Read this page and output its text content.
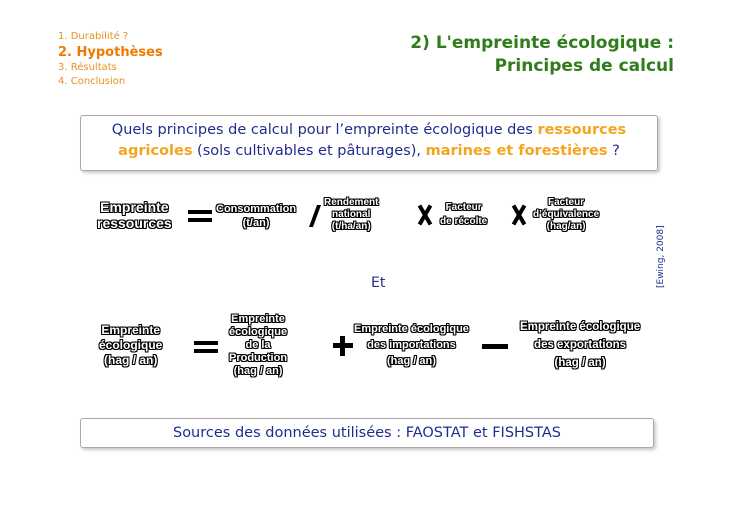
1. Durabilité ?
2. Hypothèses
3. Résultats
4. Conclusion
2) L'empreinte écologique :
Principes de calcul
Quels principes de calcul pour l’empreinte écologique des ressources agricoles (sols cultivables et pâturages), marines et forestières ?
Empreinte
ressources
Consommation
(t/an)
Rendement
national
(t/ha/an)
Facteur
de récolte
Facteur
d’équivalence
(hag/an)	[Ewing, 2008]
Et
Empreinte
écologique
(hag / an)
Empreinte
écologique
de la
Production
(hag / an)
Empreinte écologique
des importations
(hag / an)
Empreinte écologique
des exportations
(hag / an)
Sources des données utilisées : FAOSTAT et FISHSTAS
